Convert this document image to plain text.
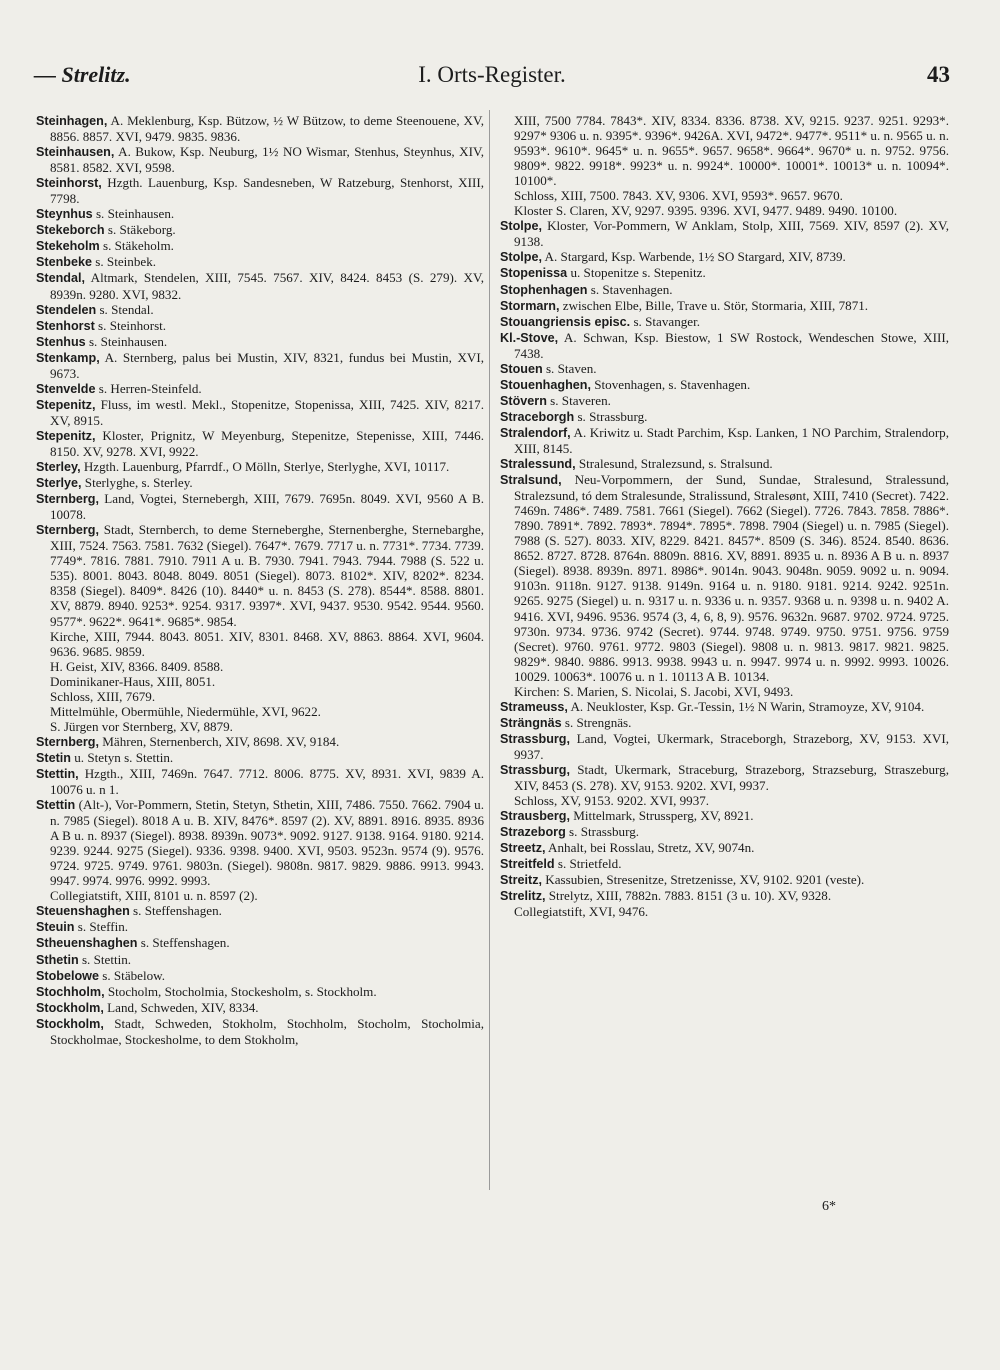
— Strelitz.	I. Orts-Register.	43

Steinhagen, A. Meklenburg, Ksp. Bützow, ½ W Bützow, to deme Steenouene, XV, 8856. 8857. XVI, 9479. 9835. 9836.

Steinhausen, A. Bukow, Ksp. Neuburg, 1½ NO Wismar, Stenhus, Steynhus, XIV, 8581. 8582. XVI, 9598.

Steinhorst, Hzgth. Lauenburg, Ksp. Sandesneben, W Ratzeburg, Stenhorst, XIII, 7798.

Steynhus s. Steinhausen.

Stekeborch s. Stäkeborg.

Stekeholm s. Stäkeholm.

Stenbeke s. Steinbek.

Stendal, Altmark, Stendelen, XIII, 7545. 7567. XIV, 8424. 8453 (S. 279). XV, 8939n. 9280. XVI, 9832.

Stendelen s. Stendal.

Stenhorst s. Steinhorst.

Stenhus s. Steinhausen.

Stenkamp, A. Sternberg, palus bei Mustin, XIV, 8321, fundus bei Mustin, XVI, 9673.

Stenvelde s. Herren-Steinfeld.

Stepenitz, Fluss, im westl. Mekl., Stopenitze, Stopenissa, XIII, 7425. XIV, 8217. XV, 8915.

Stepenitz, Kloster, Prignitz, W Meyenburg, Stepenitze, Stepenisse, XIII, 7446. 8150. XV, 9278. XVI, 9922.

Sterley, Hzgth. Lauenburg, Pfarrdf., O Mölln, Sterlye, Sterlyghe, XVI, 10117.

Sterlye, Sterlyghe, s. Sterley.

Sternberg, Land, Vogtei, Sternebergh, XIII, 7679. 7695n. 8049. XVI, 9560 A B. 10078.

Sternberg, Stadt, Sternberch, to deme Sterneberghe, Sternenberghe, Sternebarghe, XIII, 7524. 7563. 7581. 7632 (Siegel). 7647*. 7679. 7717 u. n. 7731*. 7734. 7739. 7749*. 7816. 7881. 7910. 7911 A u. B. 7930. 7941. 7943. 7944. 7988 (S. 522 u. 535). 8001. 8043. 8048. 8049. 8051 (Siegel). 8073. 8102*. XIV, 8202*. 8234. 8358 (Siegel). 8409*. 8426 (10). 8440* u. n. 8453 (S. 278). 8544*. 8588. 8801. XV, 8879. 8940. 9253*. 9254. 9317. 9397*. XVI, 9437. 9530. 9542. 9544. 9560. 9577*. 9622*. 9641*. 9685*. 9854.

Kirche, XIII, 7944. 8043. 8051. XIV, 8301. 8468. XV, 8863. 8864. XVI, 9604. 9636. 9685. 9859.

H. Geist, XIV, 8366. 8409. 8588.

Dominikaner-Haus, XIII, 8051.

Schloss, XIII, 7679.

Mittelmühle, Obermühle, Niedermühle, XVI, 9622.

S. Jürgen vor Sternberg, XV, 8879.

Sternberg, Mähren, Sternenberch, XIV, 8698. XV, 9184.

Stetin u. Stetyn s. Stettin.

Stettin, Hzgth., XIII, 7469n. 7647. 7712. 8006. 8775. XV, 8931. XVI, 9839 A. 10076 u. n 1.

Stettin (Alt-), Vor-Pommern, Stetin, Stetyn, Sthetin, XIII, 7486. 7550. 7662. 7904 u. n. 7985 (Siegel). 8018 A u. B. XIV, 8476*. 8597 (2). XV, 8891. 8916. 8935. 8936 A B u. n. 8937 (Siegel). 8938. 8939n. 9073*. 9092. 9127. 9138. 9164. 9180. 9214. 9239. 9244. 9275 (Siegel). 9336. 9398. 9400. XVI, 9503. 9523n. 9574 (9). 9576. 9724. 9725. 9749. 9761. 9803n. (Siegel). 9808n. 9817. 9829. 9886. 9913. 9943. 9947. 9974. 9976. 9992. 9993.

Collegiatstift, XIII, 8101 u. n. 8597 (2).

Steuenshaghen s. Steffenshagen.

Steuin s. Steffin.

Stheuenshaghen s. Steffenshagen.

Sthetin s. Stettin.

Stobelowe s. Stäbelow.

Stochholm, Stocholm, Stocholmia, Stockesholm, s. Stockholm.

Stockholm, Land, Schweden, XIV, 8334.

Stockholm, Stadt, Schweden, Stokholm, Stochholm, Stocholm, Stocholmia, Stockholmae, Stockesholme, to dem Stokholm,

XIII, 7500 7784. 7843*. XIV, 8334. 8336. 8738. XV, 9215. 9237. 9251. 9293*. 9297* 9306 u. n. 9395*. 9396*. 9426A. XVI, 9472*. 9477*. 9511* u. n. 9565 u. n. 9593*. 9610*. 9645* u. n. 9655*. 9657. 9658*. 9664*. 9670* u. n. 9752. 9756. 9809*. 9822. 9918*. 9923* u. n. 9924*. 10000*. 10001*. 10013* u. n. 10094*. 10100*.

Schloss, XIII, 7500. 7843. XV, 9306. XVI, 9593*. 9657. 9670.

Kloster S. Claren, XV, 9297. 9395. 9396. XVI, 9477. 9489. 9490. 10100.

Stolpe, Kloster, Vor-Pommern, W Anklam, Stolp, XIII, 7569. XIV, 8597 (2). XV, 9138.

Stolpe, A. Stargard, Ksp. Warbende, 1½ SO Stargard, XIV, 8739.

Stopenissa u. Stopenitze s. Stepenitz.

Stophenhagen s. Stavenhagen.

Stormarn, zwischen Elbe, Bille, Trave u. Stör, Stormaria, XIII, 7871.

Stouangriensis episc. s. Stavanger.

Kl.-Stove, A. Schwan, Ksp. Biestow, 1 SW Rostock, Wendeschen Stowe, XIII, 7438.

Stouen s. Staven.

Stouenhaghen, Stovenhagen, s. Stavenhagen.

Stövern s. Staveren.

Straceborgh s. Strassburg.

Stralendorf, A. Kriwitz u. Stadt Parchim, Ksp. Lanken, 1 NO Parchim, Stralendorp, XIII, 8145.

Stralessund, Stralesund, Stralezsund, s. Stralsund.

Stralsund, Neu-Vorpommern, der Sund, Sundae, Stralesund, Stralessund, Stralezsund, tó dem Stralesunde, Stralissund, Stralesønt, XIII, 7410 (Secret). 7422. 7469n. 7486*. 7489. 7581. 7661 (Siegel). 7662 (Siegel). 7726. 7843. 7858. 7886*. 7890. 7891*. 7892. 7893*. 7894*. 7895*. 7898. 7904 (Siegel) u. n. 7985 (Siegel). 7988 (S. 527). 8033. XIV, 8229. 8421. 8457*. 8509 (S. 346). 8524. 8540. 8636. 8652. 8727. 8728. 8764n. 8809n. 8816. XV, 8891. 8935 u. n. 8936 A B u. n. 8937 (Siegel). 8938. 8939n. 8971. 8986*. 9014n. 9043. 9048n. 9059. 9092 u. n. 9094. 9103n. 9118n. 9127. 9138. 9149n. 9164 u. n. 9180. 9181. 9214. 9242. 9251n. 9265. 9275 (Siegel) u. n. 9317 u. n. 9336 u. n. 9357. 9368 u. n. 9398 u. n. 9402 A. 9416. XVI, 9496. 9536. 9574 (3, 4, 6, 8, 9). 9576. 9632n. 9687. 9702. 9724. 9725. 9730n. 9734. 9736. 9742 (Secret). 9744. 9748. 9749. 9750. 9751. 9756. 9759 (Secret). 9760. 9761. 9772. 9803 (Siegel). 9808 u. n. 9813. 9817. 9821. 9825. 9829*. 9840. 9886. 9913. 9938. 9943 u. n. 9947. 9974 u. n. 9992. 9993. 10026. 10029. 10063*. 10076 u. n 1. 10113 A B. 10134.

Kirchen: S. Marien, S. Nicolai, S. Jacobi, XVI, 9493.

Strameuss, A. Neukloster, Ksp. Gr.-Tessin, 1½ N Warin, Stramoyze, XV, 9104.

Strängnäs s. Strengnäs.

Strassburg, Land, Vogtei, Ukermark, Straceborgh, Strazeborg, XV, 9153. XVI, 9937.

Strassburg, Stadt, Ukermark, Straceburg, Strazeborg, Strazseburg, Straszeburg, XIV, 8453 (S. 278). XV, 9153. 9202. XVI, 9937.

Schloss, XV, 9153. 9202. XVI, 9937.

Strausberg, Mittelmark, Strussperg, XV, 8921.

Strazeborg s. Strassburg.

Streetz, Anhalt, bei Rosslau, Stretz, XV, 9074n.

Streitfeld s. Strietfeld.

Streitz, Kassubien, Stresenitze, Stretzenisse, XV, 9102. 9201 (veste).

Strelitz, Strelytz, XIII, 7882n. 7883. 8151 (3 u. 10). XV, 9328.

Collegiatstift, XVI, 9476.

6*
